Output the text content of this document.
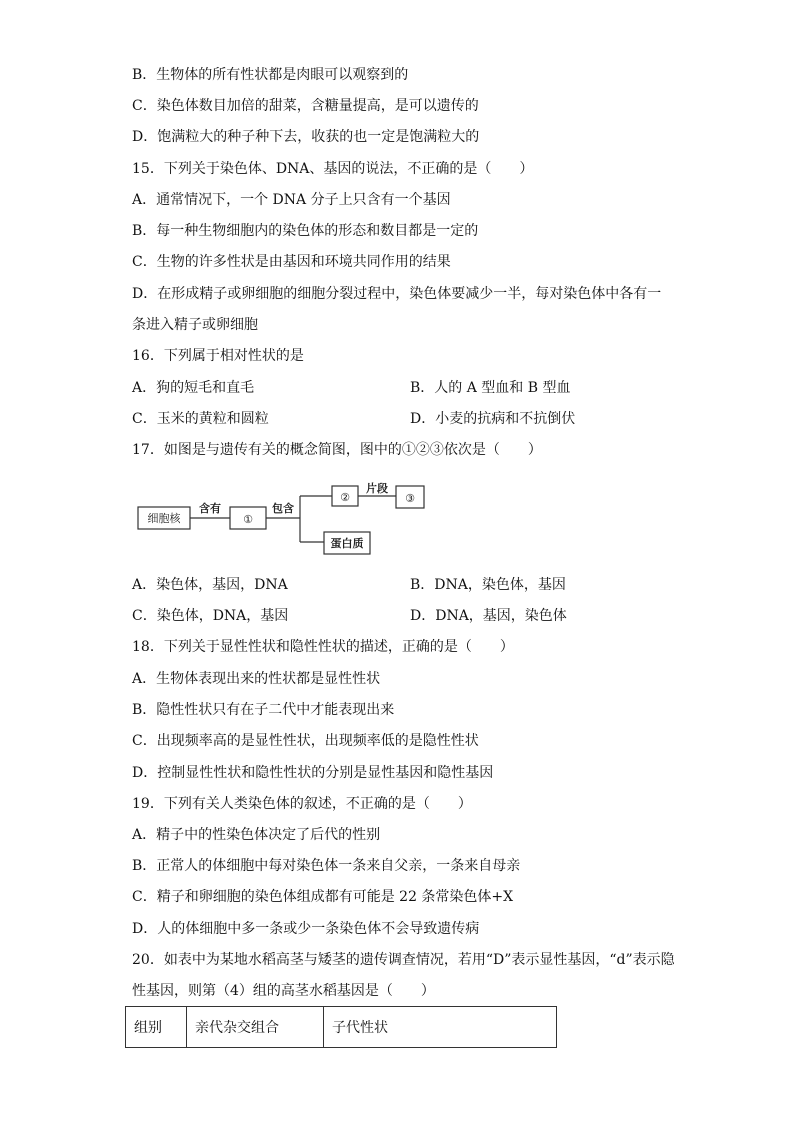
B．生物体的所有性状都是肉眼可以观察到的
C．染色体数目加倍的甜菜，含糖量提高，是可以遗传的
D．饱满粒大的种子种下去，收获的也一定是饱满粒大的
15．下列关于染色体、DNA、基因的说法，不正确的是（　　）
A．通常情况下，一个 DNA 分子上只含有一个基因
B．每一种生物细胞内的染色体的形态和数目都是一定的
C．生物的许多性状是由基因和环境共同作用的结果
D．在形成精子或卵细胞的细胞分裂过程中，染色体要减少一半，每对染色体中各有一
条进入精子或卵细胞
16．下列属于相对性状的是
A．狗的短毛和直毛	B．人的 A 型血和 B 型血
C．玉米的黄粒和圆粒	D．小麦的抗病和不抗倒伏
17．如图是与遗传有关的概念简图，图中的①②③依次是（　　）
细胞核
含有
①
包含
②
片段
③
蛋白质
A．染色体，基因，DNA	B．DNA，染色体，基因
C．染色体，DNA，基因	D．DNA，基因，染色体
18．下列关于显性性状和隐性性状的描述，正确的是（　　）
A．生物体表现出来的性状都是显性性状
B．隐性性状只有在子二代中才能表现出来
C．出现频率高的是显性性状，出现频率低的是隐性性状
D．控制显性性状和隐性性状的分别是显性基因和隐性基因
19．下列有关人类染色体的叙述，不正确的是（　　）
A．精子中的性染色体决定了后代的性别
B．正常人的体细胞中每对染色体一条来自父亲，一条来自母亲
C．精子和卵细胞的染色体组成都有可能是 22 条常染色体+X
D．人的体细胞中多一条或少一条染色体不会导致遗传病
20．如表中为某地水稻高茎与矮茎的遗传调查情况，若用“D”表示显性基因，“d”表示隐
性基因，则第（4）组的高茎水稻基因是（　　）
组别	亲代杂交组合	子代性状
